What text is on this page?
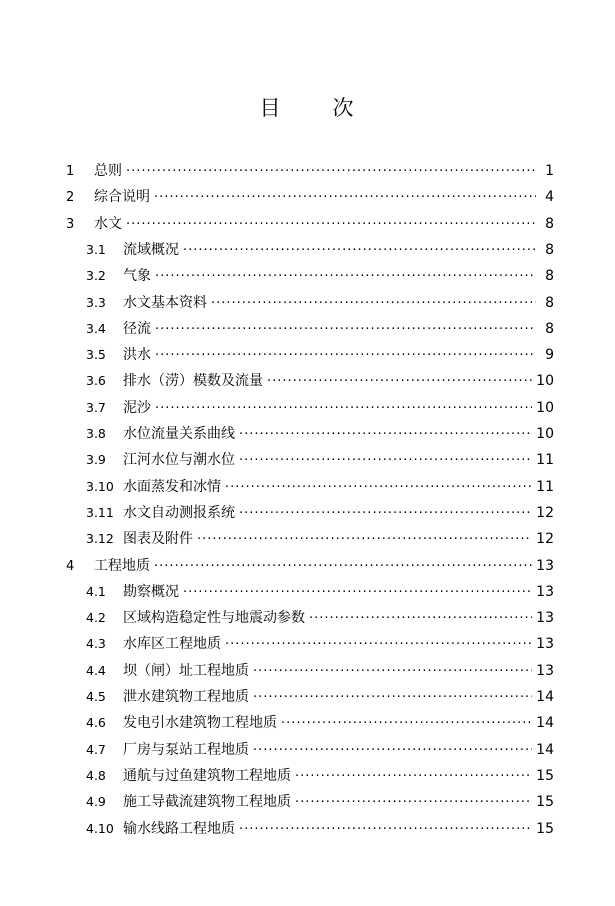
目 次
1	总则 ·····	1
2	综合说明 ·····	4
3	水文 ·····	8
3.1	流域概况 ·····	8
3.2	气象 ·····	8
3.3	水文基本资料 ·····	8
3.4	径流 ·····	8
3.5	洪水 ·····	9
3.6	排水（涝）模数及流量 ·····	10
3.7	泥沙 ·····	10
3.8	水位流量关系曲线 ·····	10
3.9	江河水位与潮水位 ·····	11
3.10 水面蒸发和冰情 ·····	11
3.11 水文自动测报系统 ·····	12
3.12 图表及附件 ·····	12
4	工程地质 ·····	13
4.1	勘察概况 ·····	13
4.2	区域构造稳定性与地震动参数 ·····	13
4.3	水库区工程地质 ·····	13
4.4	坝（闸）址工程地质 ·····	13
4.5	泄水建筑物工程地质 ·····	14
4.6	发电引水建筑物工程地质 ·····	14
4.7	厂房与泵站工程地质 ·····	14
4.8	通航与过鱼建筑物工程地质 ·····	15
4.9	施工导截流建筑物工程地质 ·····	15
4.10 输水线路工程地质 ·····	15
